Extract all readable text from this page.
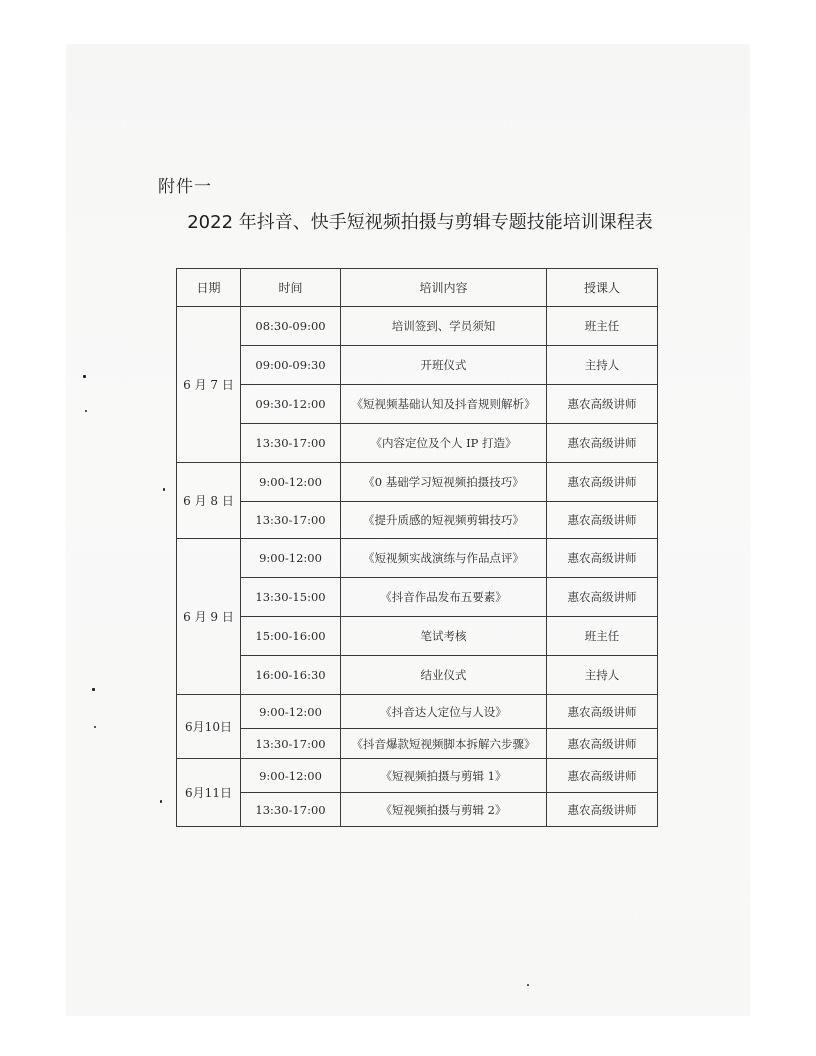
附件一
2022 年抖音、快手短视频拍摄与剪辑专题技能培训课程表
日期	时间	培训内容	授课人
6 月 7 日	08:30-09:00	培训签到、学员须知	班主任
	09:00-09:30	开班仪式	主持人
	09:30-12:00	《短视频基础认知及抖音规则解析》	惠农高级讲师
	13:30-17:00	《内容定位及个人 IP 打造》	惠农高级讲师
6 月 8 日	9:00-12:00	《0 基础学习短视频拍摄技巧》	惠农高级讲师
	13:30-17:00	《提升质感的短视频剪辑技巧》	惠农高级讲师
6 月 9 日	9:00-12:00	《短视频实战演练与作品点评》	惠农高级讲师
	13:30-15:00	《抖音作品发布五要素》	惠农高级讲师
	15:00-16:00	笔试考核	班主任
	16:00-16:30	结业仪式	主持人
6月10日	9:00-12:00	《抖音达人定位与人设》	惠农高级讲师
	13:30-17:00	《抖音爆款短视频脚本拆解六步骤》	惠农高级讲师
6月11日	9:00-12:00	《短视频拍摄与剪辑 1》	惠农高级讲师
	13:30-17:00	《短视频拍摄与剪辑 2》	惠农高级讲师
